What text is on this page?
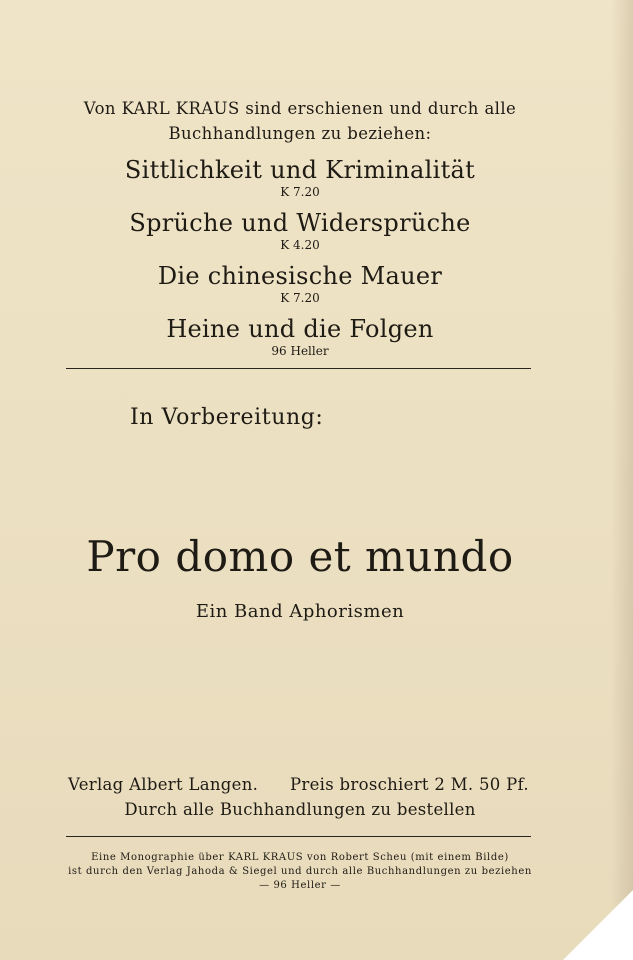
Von KARL KRAUS sind erschienen und durch alle
Buchhandlungen zu beziehen:
Sittlichkeit und Kriminalität
K 7.20
Sprüche und Widersprüche
K 4.20
Die chinesische Mauer
K 7.20
Heine und die Folgen
96 Heller
In Vorbereitung:
Pro domo et mundo
Ein Band Aphorismen
Verlag Albert Langen. Preis broschiert 2 M. 50 Pf.
Durch alle Buchhandlungen zu bestellen
Eine Monographie über KARL KRAUS von Robert Scheu (mit einem Bilde)
ist durch den Verlag Jahoda & Siegel und durch alle Buchhandlungen zu beziehen
— 96 Heller —
